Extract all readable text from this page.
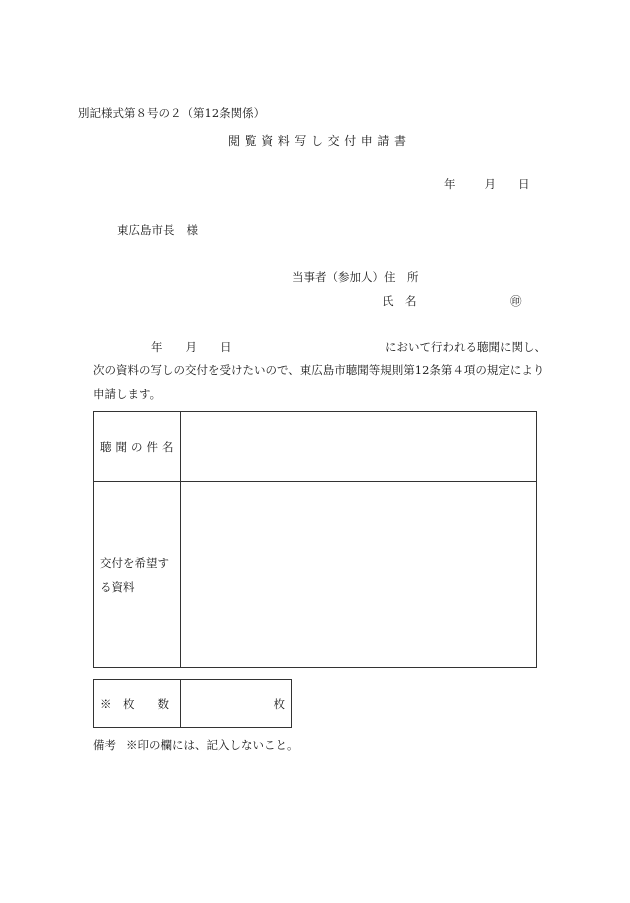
別記様式第８号の２（第12条関係）
閲覧資料写し交付申請書
年	月 日
東広島市長 様
当事者（参加人）住　所
氏　名	㊞
年　　月　　日	において行われる聴聞に関し、
次の資料の写しの交付を受けたいので、東広島市聴聞等規則第12条第４項の規定により
申請します。
聴聞の件名	

交付を希望する資料	

※　枚　　数	枚
備考 ※印の欄には、記入しないこと。
